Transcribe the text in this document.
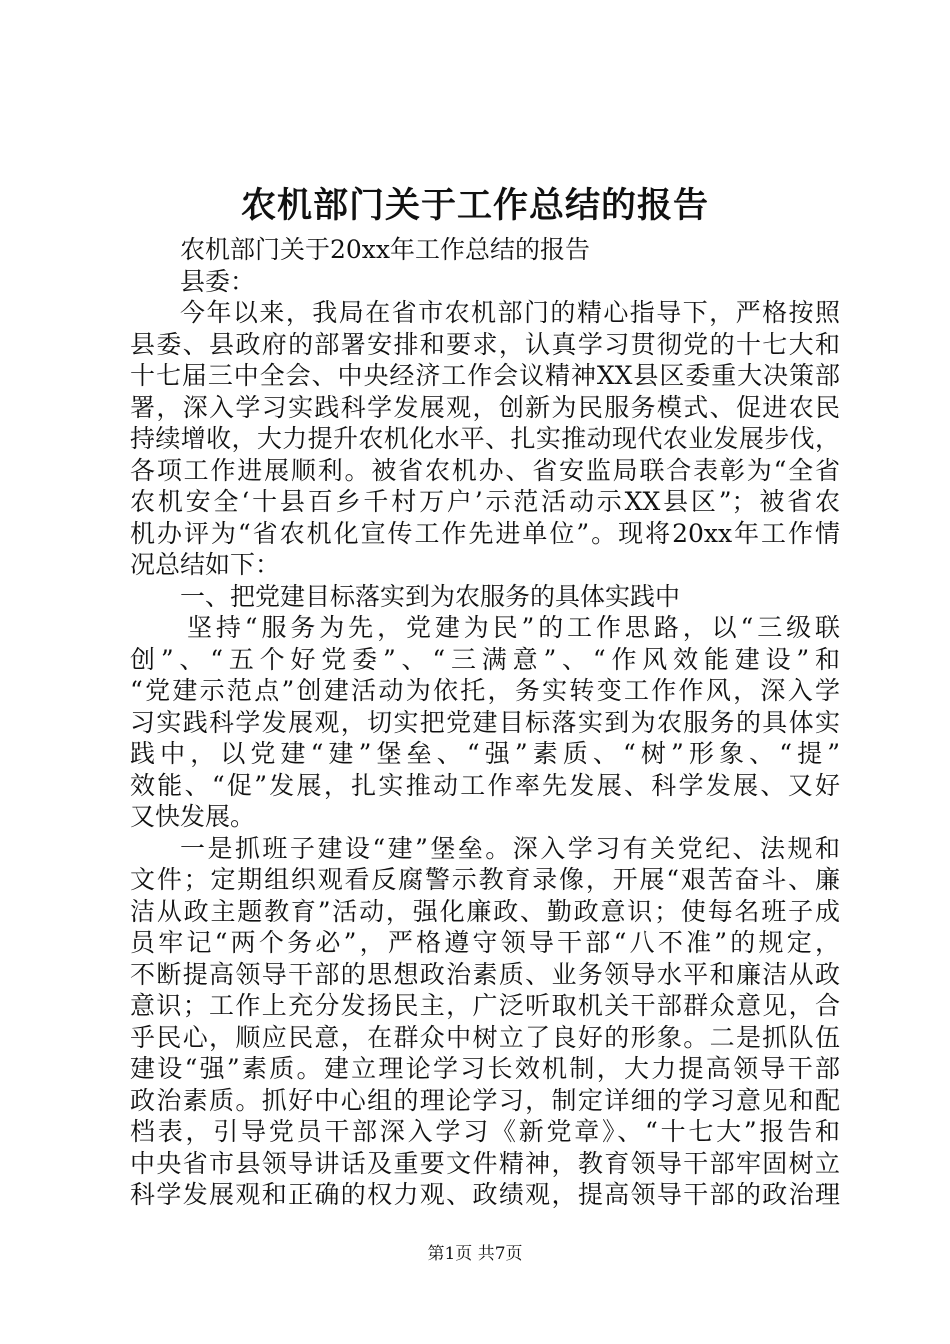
农机部门关于工作总结的报告
农机部门关于20xx年工作总结的报告
县委：
今年以来，我局在省市农机部门的精心指导下，严格按照
县委、县政府的部署安排和要求，认真学习贯彻党的十七大和
十七届三中全会、中央经济工作会议精神XX县区委重大决策部
署，深入学习实践科学发展观，创新为民服务模式、促进农民
持续增收，大力提升农机化水平、扎实推动现代农业发展步伐，
各项工作进展顺利。被省农机办、省安监局联合表彰为“全省
农机安全‘十县百乡千村万户’示范活动示XX县区”；被省农
机办评为“省农机化宣传工作先进单位”。现将20xx年工作情
况总结如下：
一、把党建目标落实到为农服务的具体实践中
坚持“服务为先，党建为民”的工作思路，以“三级联
创”、“五个好党委”、“三满意”、“作风效能建设”和
“党建示范点”创建活动为依托，务实转变工作作风，深入学
习实践科学发展观，切实把党建目标落实到为农服务的具体实
践中，以党建“建”堡垒、“强”素质、“树”形象、“提”
效能、“促”发展，扎实推动工作率先发展、科学发展、又好
又快发展。
一是抓班子建设“建”堡垒。深入学习有关党纪、法规和
文件；定期组织观看反腐警示教育录像，开展“艰苦奋斗、廉
洁从政主题教育”活动，强化廉政、勤政意识；使每名班子成
员牢记“两个务必”，严格遵守领导干部“八不准”的规定，
不断提高领导干部的思想政治素质、业务领导水平和廉洁从政
意识；工作上充分发扬民主，广泛听取机关干部群众意见，合
乎民心，顺应民意，在群众中树立了良好的形象。二是抓队伍
建设“强”素质。建立理论学习长效机制，大力提高领导干部
政治素质。抓好中心组的理论学习，制定详细的学习意见和配
档表，引导党员干部深入学习《新党章》、“十七大”报告和
中央省市县领导讲话及重要文件精神，教育领导干部牢固树立
科学发展观和正确的权力观、政绩观，提高领导干部的政治理
第1页 共7页
